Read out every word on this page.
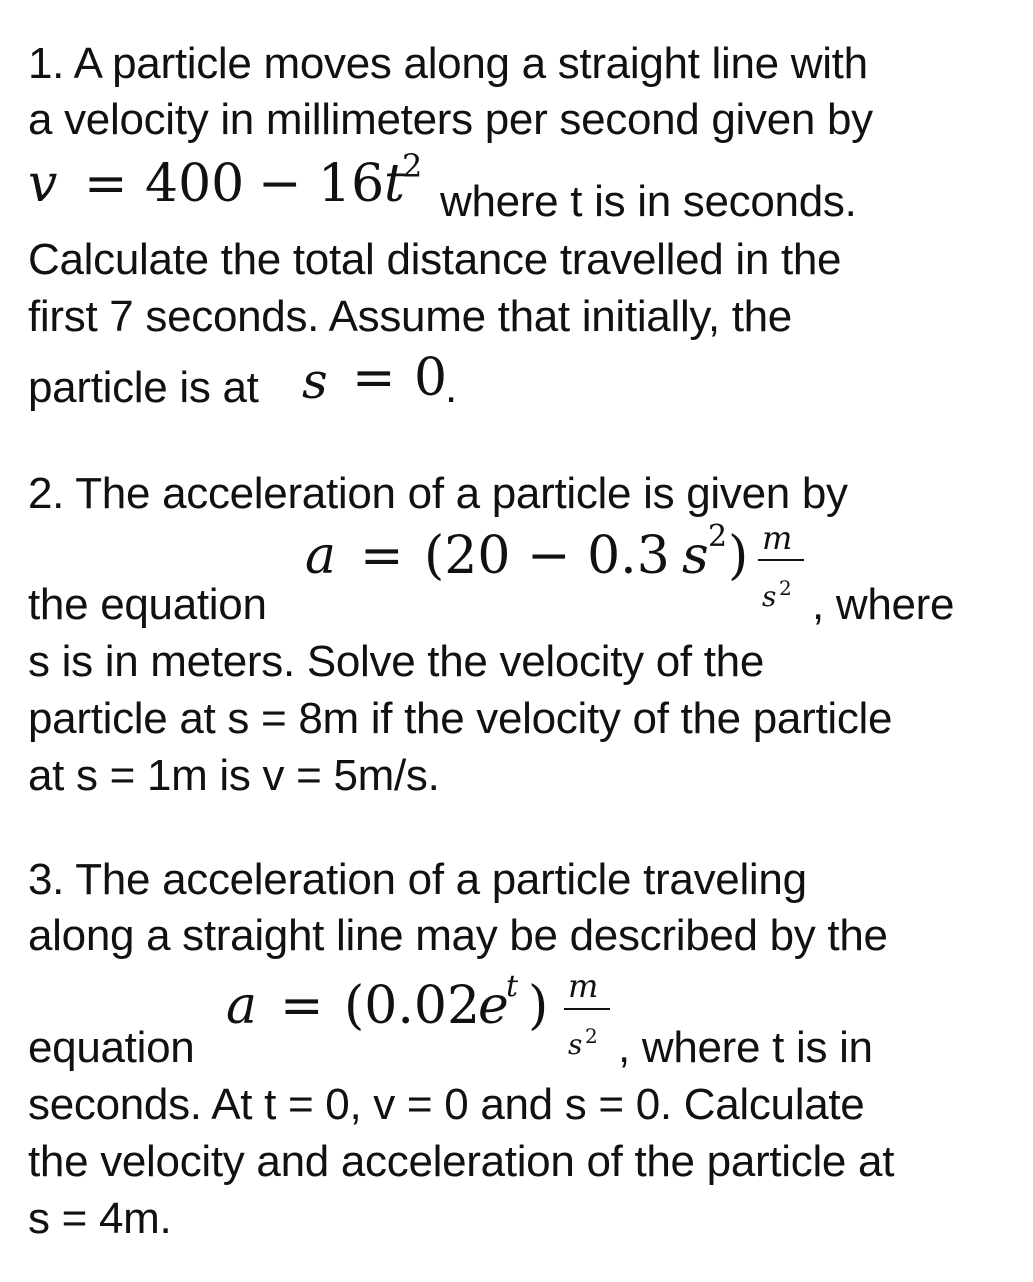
1. A particle moves along a straight line with
a velocity in millimeters per second given by
v = 400 − 16 t
2
where t is in seconds.
Calculate the total distance travelled in the
first 7 seconds. Assume that initially, the
particle is at s = 0
.
2. The acceleration of a particle is given by
a = (20 − 0.3 s 2 ) m
s 2
the equation	, where
s is in meters. Solve the velocity of the
particle at s = 8m if the velocity of the particle
at s = 1m is v = 5m/s.
3. The acceleration of a particle traveling
along a straight line may be described by the
a = (0.02
e
t ) m
s 2
equation	, where t is in
seconds. At t = 0, v = 0 and s = 0. Calculate
the velocity and acceleration of the particle at
s = 4m.
